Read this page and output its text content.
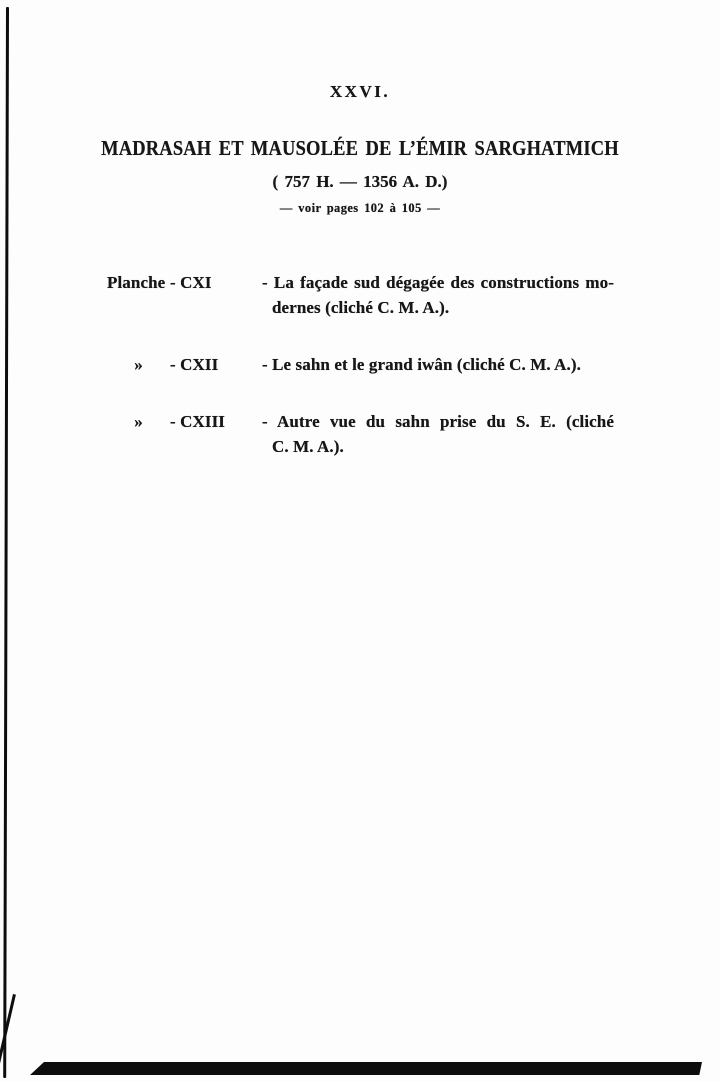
XXVI.
MADRASAH ET MAUSOLÉE DE L’ÉMIR SARGHATMICH
( 757 H. — 1356 A. D.)
— voir pages 102 à 105 —
Planche - CXI	- La façade sud dégagée des constructions mo-
dernes (cliché C. M. A.).
»	- CXII	- Le sahn et le grand iwân (cliché C. M. A.).
»	- CXIII - Autre vue du sahn prise du S. E. (cliché
C. M. A.).
